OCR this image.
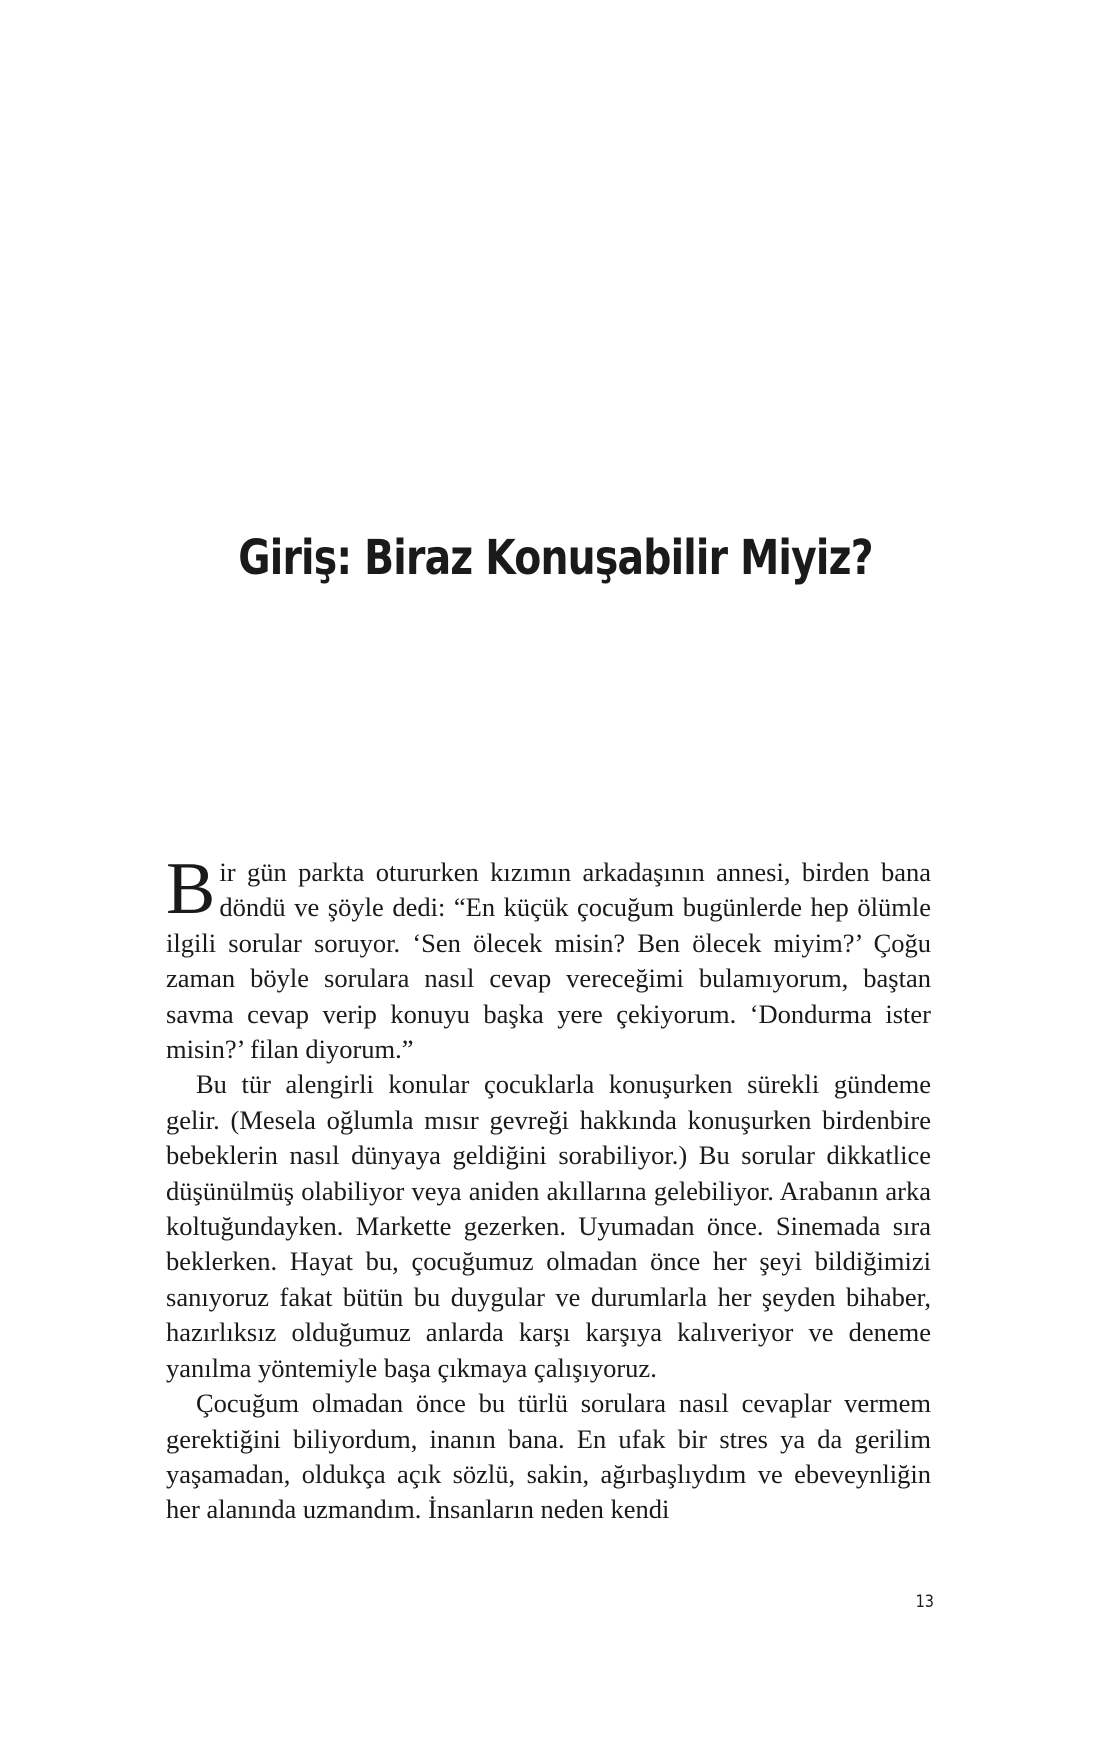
Giriş: Biraz Konuşabilir Miyiz?

Bir gün parkta otururken kızımın arkadaşının annesi, birden bana döndü ve şöyle dedi: “En küçük çocuğum bugünlerde hep ölümle ilgili sorular soruyor. ‘Sen ölecek misin? Ben ölecek miyim?’ Çoğu zaman böyle sorulara nasıl cevap vereceğimi bulamıyorum, baştan savma cevap verip konuyu başka yere çekiyorum. ‘Dondurma ister misin?’ filan diyorum.”

Bu tür alengirli konular çocuklarla konuşurken sürekli gündeme gelir. (Mesela oğlumla mısır gevreği hakkında konuşurken birdenbire bebeklerin nasıl dünyaya geldiğini sorabiliyor.) Bu sorular dikkatlice düşünülmüş olabiliyor veya aniden akıllarına gelebiliyor. Arabanın arka koltuğundayken. Markette gezerken. Uyumadan önce. Sinemada sıra beklerken. Hayat bu, çocuğumuz olmadan önce her şeyi bildiğimizi sanıyoruz fakat bütün bu duygular ve durumlarla her şeyden bihaber, hazırlıksız olduğumuz anlarda karşı karşıya kalıveriyor ve deneme yanılma yöntemiyle başa çıkmaya çalışıyoruz.

Çocuğum olmadan önce bu türlü sorulara nasıl cevaplar vermem gerektiğini biliyordum, inanın bana. En ufak bir stres ya da gerilim yaşamadan, oldukça açık sözlü, sakin, ağırbaşlıydım ve ebeveynliğin her alanında uzmandım. İnsanların neden kendi

13
